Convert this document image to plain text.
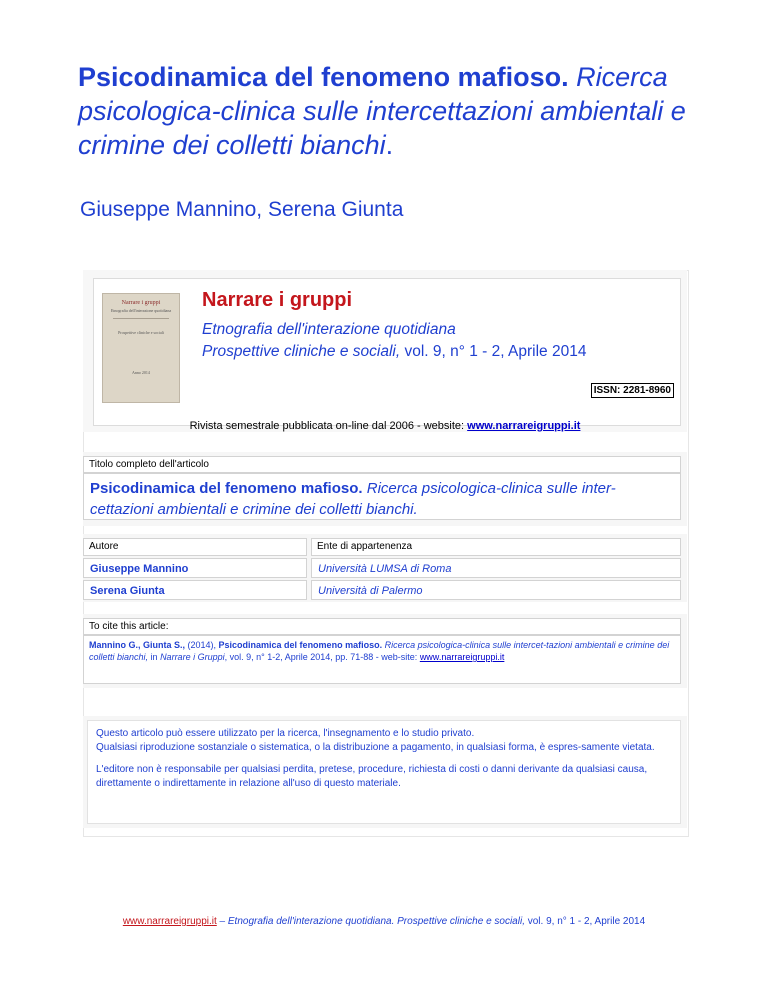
Psicodinamica del fenomeno mafioso. Ricerca psicologica-clinica sulle intercettazioni ambientali e crimine dei colletti bianchi.
Giuseppe Mannino, Serena Giunta
Narrare i gruppi
Etnografia dell'interazione quotidiana
Prospettive cliniche e sociali
Anno 2014
Narrare i gruppi
Etnografia dell'interazione quotidiana
Prospettive cliniche e sociali, vol. 9, n° 1 - 2, Aprile 2014
ISSN: 2281-8960
Rivista semestrale pubblicata on-line dal 2006 - website: www.narrareigruppi.it
Titolo completo dell'articolo
Psicodinamica del fenomeno mafioso. Ricerca psicologica-clinica sulle inter-cettazioni ambientali e crimine dei colletti bianchi.
Autore	Ente di appartenenza
Giuseppe Mannino	Università LUMSA di Roma
Serena Giunta	Università di Palermo
To cite this article:
Mannino G., Giunta S., (2014), Psicodinamica del fenomeno mafioso. Ricerca psicologica-clinica sulle intercet-tazioni ambientali e crimine dei colletti bianchi, in Narrare i Gruppi, vol. 9, n° 1-2, Aprile 2014, pp. 71-88 - web-site: www.narrareigruppi.it

Questo articolo può essere utilizzato per la ricerca, l'insegnamento e lo studio privato.

Qualsiasi riproduzione sostanziale o sistematica, o la distribuzione a pagamento, in qualsiasi forma, è espres-samente vietata.

L'editore non è responsabile per qualsiasi perdita, pretese, procedure, richiesta di costi o danni derivante da qualsiasi causa, direttamente o indirettamente in relazione all'uso di questo materiale.

www.narrareigruppi.it – Etnografia dell'interazione quotidiana. Prospettive cliniche e sociali, vol. 9, n° 1 - 2, Aprile 2014
